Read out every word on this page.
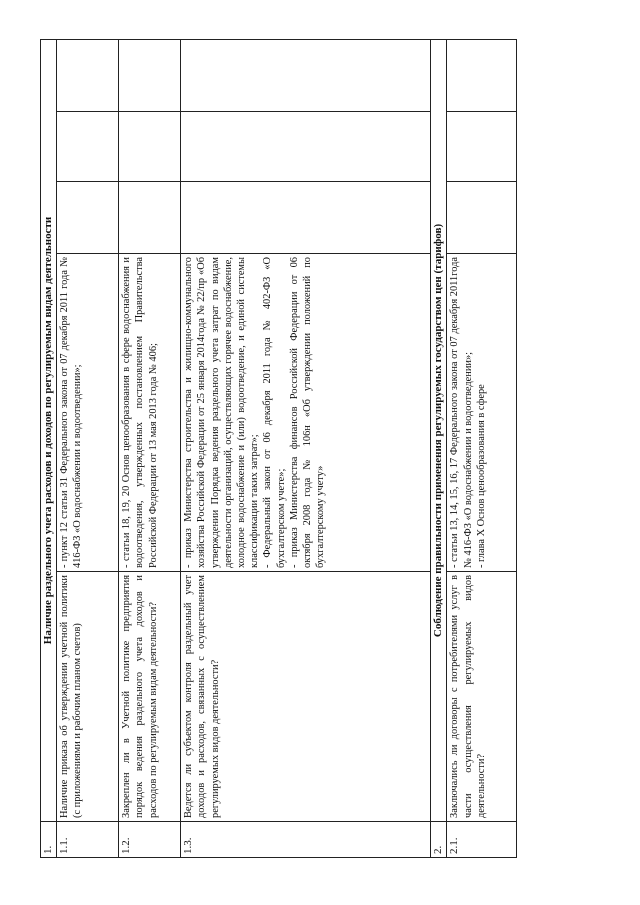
1.	Наличие раздельного учета расходов и доходов по регулируемым видам деятельности				
1.1.	Наличие приказа об утверждении учетной политики (с приложениями и рабочим планом счетов)	- пункт 12 статьи 31 Федерального закона от 07 декабря 2011 года № 416-ФЗ «О водоснабжении и водоотведении»;			

1.2.	Закреплен ли в Учетной политике предприятия порядок ведения раздельного учета доходов и расходов по регулируемым видам деятельности?	- статьи 18, 19, 20 Основ ценообразования в сфере водоснабжения и водоотведения, утвержденных постановлением Правительства Российской Федерации от 13 мая 2013 года № 406;			

1.3.	Ведется ли субъектом контроля раздельный учет доходов и расходов, связанных с осуществлением регулируемых видов деятельности?	- приказ Министерства строительства и жилищно-коммунального хозяйства Российской Федерации от 25 января 2014года № 22/пр «Об утверждении Порядка ведения раздельного учета затрат по видам деятельности организаций, осуществляющих горячее водоснабжение, холодное водоснабжение и (или) водоотведение, и единой системы классификации таких затрат»; - Федеральный закон от 06 декабря 2011 года № 402-ФЗ «О бухгалтерском учете»; - приказ Министерства финансов Российской Федерации от 06 октября 2008 года № 106н «Об утверждении положений по бухгалтерскому учету»			

2.	Соблюдение правильности применения регулируемых государством цен (тарифов)				
2.1.	Заключались ли договоры с потребителями услуг в части осуществления регулируемых видов деятельности?	- статьи 13, 14, 15, 16, 17 Федерального закона от 07 декабря 2011года № 416-ФЗ «О водоснабжении и водоотведении»; - глава X Основ ценообразования в сфере			
